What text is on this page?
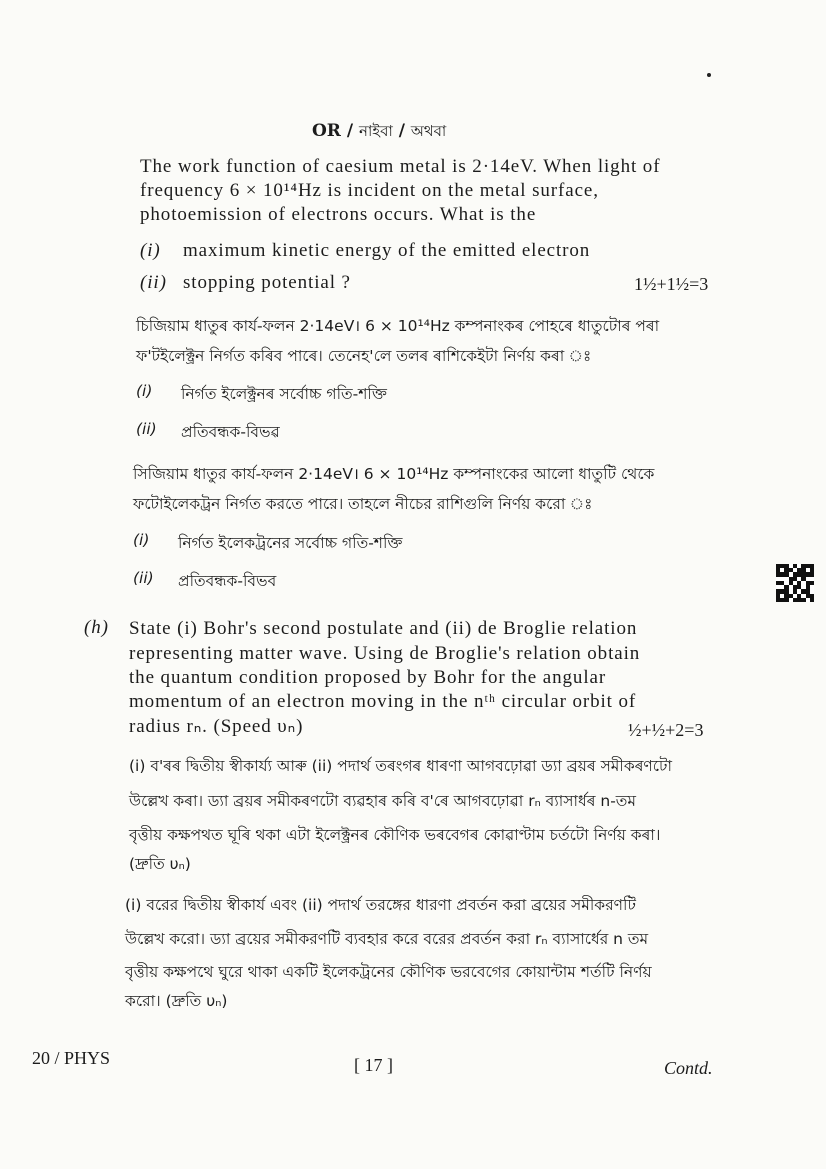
OR / নাইবা / অথবা
The work function of caesium metal is 2·14eV. When light of
frequency 6 × 10¹⁴Hz is incident on the metal surface,
photoemission of electrons occurs. What is the
(i) maximum kinetic energy of the emitted electron
(ii) stopping potential ?	1½+1½=3
চিজিয়াম ধাতুৰ কাৰ্য-ফলন 2·14eV। 6 × 10¹⁴Hz কম্পনাংকৰ পোহৰে ধাতুটোৰ পৰা
ফ'টইলেক্ট্ৰন নিৰ্গত কৰিব পাৰে। তেনেহ'লে তলৰ ৰাশিকেইটা নিৰ্ণয় কৰা ঃ
(i) নিৰ্গত ইলেক্ট্ৰনৰ সৰ্বোচ্চ গতি-শক্তি
(ii) প্ৰতিবন্ধক-বিভৱ
সিজিয়াম ধাতুর কার্য-ফলন 2·14eV। 6 × 10¹⁴Hz কম্পনাংকের আলো ধাতুটি থেকে
ফটোইলেকট্রন নির্গত করতে পারে। তাহলে নীচের রাশিগুলি নির্ণয় করো ঃ
(i) নির্গত ইলেকট্রনের সর্বোচ্চ গতি-শক্তি
(ii) প্রতিবন্ধক-বিভব
(h) State (i) Bohr's second postulate and (ii) de Broglie relation
representing matter wave. Using de Broglie's relation obtain
the quantum condition proposed by Bohr for the angular
momentum of an electron moving in the nᵗʰ circular orbit of
radius rₙ. (Speed υₙ)	½+½+2=3
(i) ব'ৰৰ দ্বিতীয় স্বীকাৰ্য্য আৰু (ii) পদাৰ্থ তৰংগৰ ধাৰণা আগবঢ়োৱা ড্যা ব্ৰয়ৰ সমীকৰণটো
উল্লেখ কৰা। ড্যা ব্ৰয়ৰ সমীকৰণটো ব্যৱহাৰ কৰি ব'ৰে আগবঢ়োৱা rₙ ব্যাসাৰ্ধৰ n-তম
বৃত্তীয় কক্ষপথত ঘূৰি থকা এটা ইলেক্ট্ৰনৰ কৌণিক ভৰবেগৰ কোৱাণ্টাম চৰ্তটো নিৰ্ণয় কৰা।
(দ্ৰুতি υₙ)
(i) বরের দ্বিতীয় স্বীকার্য এবং (ii) পদার্থ তরঙ্গের ধারণা প্রবর্তন করা ব্রয়ের সমীকরণটি
উল্লেখ করো। ড্যা ব্রয়ের সমীকরণটি ব্যবহার করে বরের প্রবর্তন করা rₙ ব্যাসার্ধের n তম
বৃত্তীয় কক্ষপথে ঘুরে থাকা একটি ইলেকট্রনের কৌণিক ভরবেগের কোয়ান্টাম শর্তটি নির্ণয়
করো। (দ্রুতি υₙ)
20 / PHYS	[ 17 ]	Contd.
